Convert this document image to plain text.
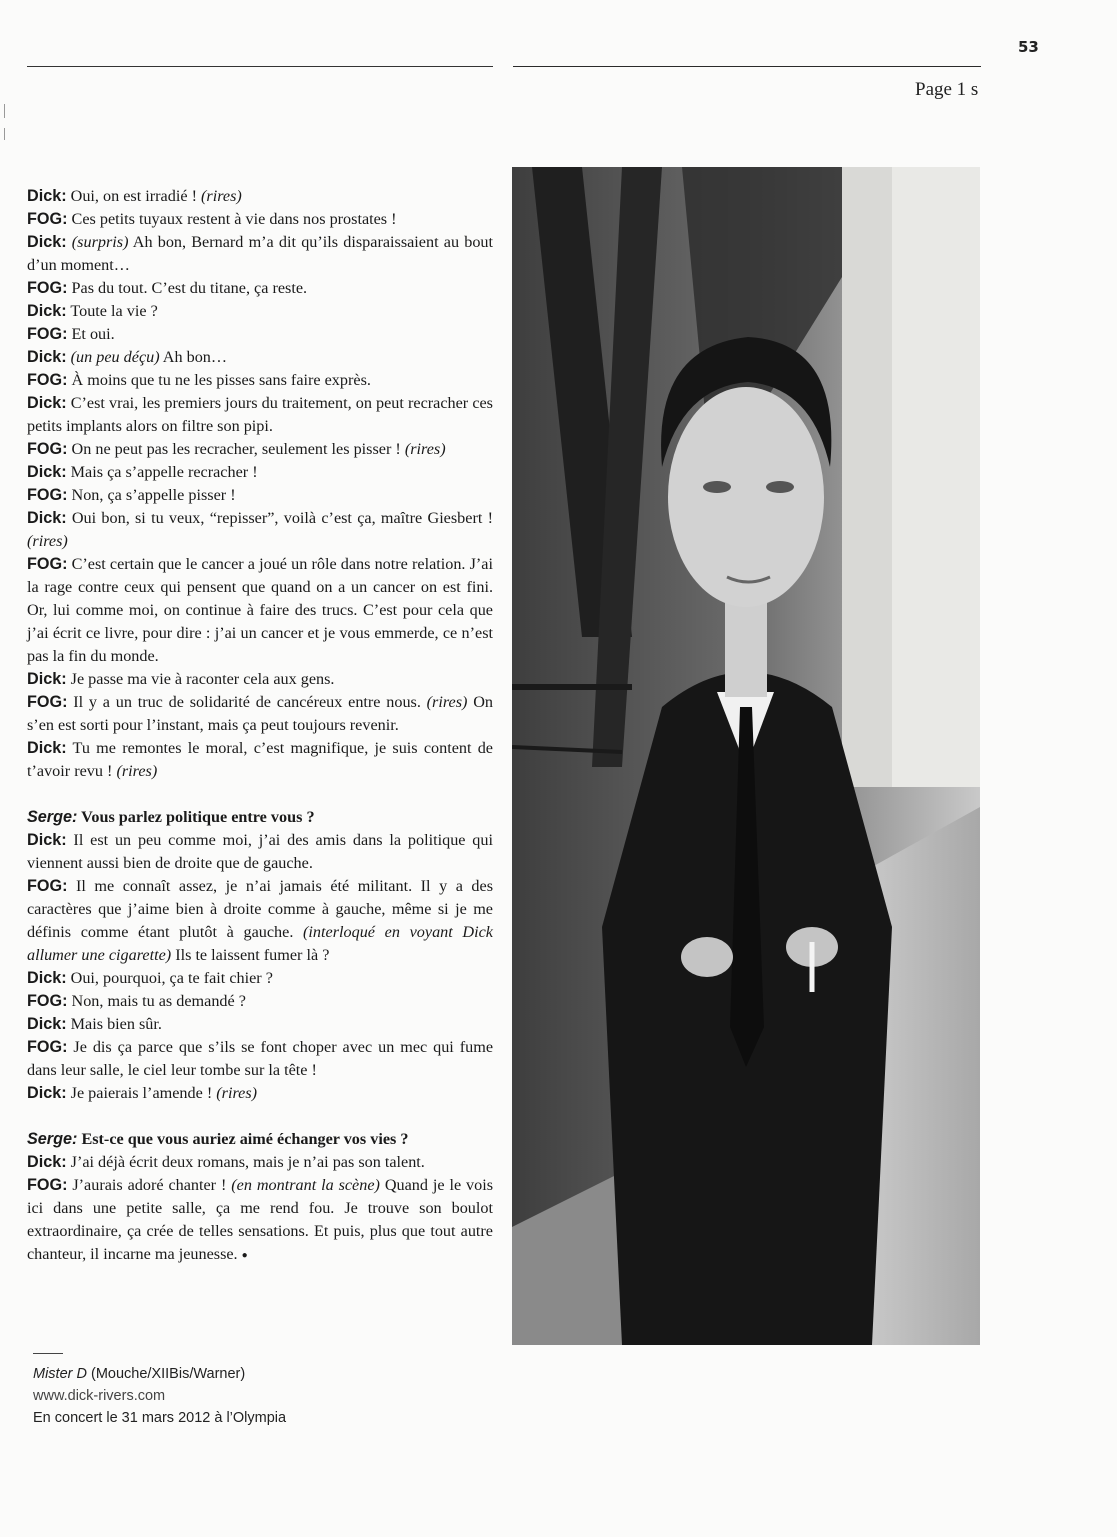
53
Page 1 s

Dick: Oui, on est irradié ! (rires)

FOG: Ces petits tuyaux restent à vie dans nos prostates !

Dick: (surpris) Ah bon, Bernard m’a dit qu’ils disparaissaient au bout d’un moment…

FOG: Pas du tout. C’est du titane, ça reste.

Dick: Toute la vie ?

FOG: Et oui.

Dick: (un peu déçu) Ah bon…

FOG: À moins que tu ne les pisses sans faire exprès.

Dick: C’est vrai, les premiers jours du traitement, on peut recracher ces petits implants alors on filtre son pipi.

FOG: On ne peut pas les recracher, seulement les pisser ! (rires)

Dick: Mais ça s’appelle recracher !

FOG: Non, ça s’appelle pisser !

Dick: Oui bon, si tu veux, “repisser”, voilà c’est ça, maître Giesbert ! (rires)

FOG: C’est certain que le cancer a joué un rôle dans notre relation. J’ai la rage contre ceux qui pensent que quand on a un cancer on est fini. Or, lui comme moi, on continue à faire des trucs. C’est pour cela que j’ai écrit ce livre, pour dire : j’ai un cancer et je vous emmerde, ce n’est pas la fin du monde.

Dick: Je passe ma vie à raconter cela aux gens.

FOG: Il y a un truc de solidarité de cancéreux entre nous. (rires) On s’en est sorti pour l’instant, mais ça peut toujours revenir.

Dick: Tu me remontes le moral, c’est magnifique, je suis content de t’avoir revu ! (rires)

Serge: Vous parlez politique entre vous ?

Dick: Il est un peu comme moi, j’ai des amis dans la politique qui viennent aussi bien de droite que de gauche.

FOG: Il me connaît assez, je n’ai jamais été militant. Il y a des caractères que j’aime bien à droite comme à gauche, même si je me définis comme étant plutôt à gauche. (interloqué en voyant Dick allumer une cigarette) Ils te laissent fumer là ?

Dick: Oui, pourquoi, ça te fait chier ?

FOG: Non, mais tu as demandé ?

Dick: Mais bien sûr.

FOG: Je dis ça parce que s’ils se font choper avec un mec qui fume dans leur salle, le ciel leur tombe sur la tête !

Dick: Je paierais l’amende ! (rires)

Serge: Est-ce que vous auriez aimé échanger vos vies ?

Dick: J’ai déjà écrit deux romans, mais je n’ai pas son talent.

FOG: J’aurais adoré chanter ! (en montrant la scène) Quand je le vois ici dans une petite salle, ça me rend fou. Je trouve son boulot extraordinaire, ça crée de telles sensations. Et puis, plus que tout autre chanteur, il incarne ma jeunesse. ●

Mister D (Mouche/XIIBis/Warner)
www.dick-rivers.com
En concert le 31 mars 2012 à l’Olympia
